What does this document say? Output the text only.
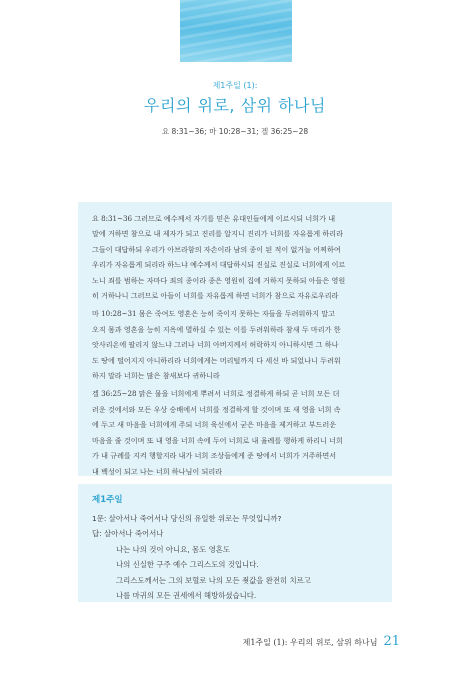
제1주일 (1):
우리의 위로, 삼위 하나님
요 8:31~36; 마 10:28~31; 겔 36:25~28

요 8:31~36 그러므로 예수께서 자기를 믿은 유대인들에게 이르시되 너희가 내
말에 거하면 참으로 내 제자가 되고 진리를 알지니 진리가 너희를 자유롭게 하리라
그들이 대답하되 우리가 아브라함의 자손이라 남의 종이 된 적이 없거늘 어찌하여
우리가 자유롭게 되리라 하느냐 예수께서 대답하시되 진실로 진실로 너희에게 이르
노니 죄를 범하는 자마다 죄의 종이라 종은 영원히 집에 거하지 못하되 아들은 영원
히 거하나니 그러므로 아들이 너희를 자유롭게 하면 너희가 참으로 자유로우리라

마 10:28~31 몸은 죽여도 영혼은 능히 죽이지 못하는 자들을 두려워하지 말고
오직 몸과 영혼을 능히 지옥에 멸하실 수 있는 이를 두려워하라 참새 두 마리가 한
앗사리온에 팔리지 않느냐 그러나 너희 아버지께서 허락하지 아니하시면 그 하나
도 땅에 떨어지지 아니하리라 너희에게는 머리털까지 다 세신 바 되었나니 두려워
하지 말라 너희는 많은 참새보다 귀하니라

겔 36:25~28 맑은 물을 너희에게 뿌려서 너희로 정결하게 하되 곧 너희 모든 더
러운 것에서와 모든 우상 숭배에서 너희를 정결하게 할 것이며 또 새 영을 너희 속
에 두고 새 마음을 너희에게 주되 너희 육신에서 굳은 마음을 제거하고 부드러운
마음을 줄 것이며 또 내 영을 너희 속에 두어 너희로 내 율례를 행하게 하리니 너희
가 내 규례를 지켜 행할지라 내가 너희 조상들에게 준 땅에서 너희가 거주하면서
내 백성이 되고 나는 너희 하나님이 되리라

제1주일
1문: 살아서나 죽어서나 당신의 유일한 위로는 무엇입니까?
답: 살아서나 죽어서나
나는 나의 것이 아니요, 몸도 영혼도
나의 신실한 구주 예수 그리스도의 것입니다.
그리스도께서는 그의 보혈로 나의 모든 죗값을 완전히 치르고
나를 마귀의 모든 권세에서 해방하셨습니다.
제1주일 (1): 우리의 위로, 삼위 하나님 21
